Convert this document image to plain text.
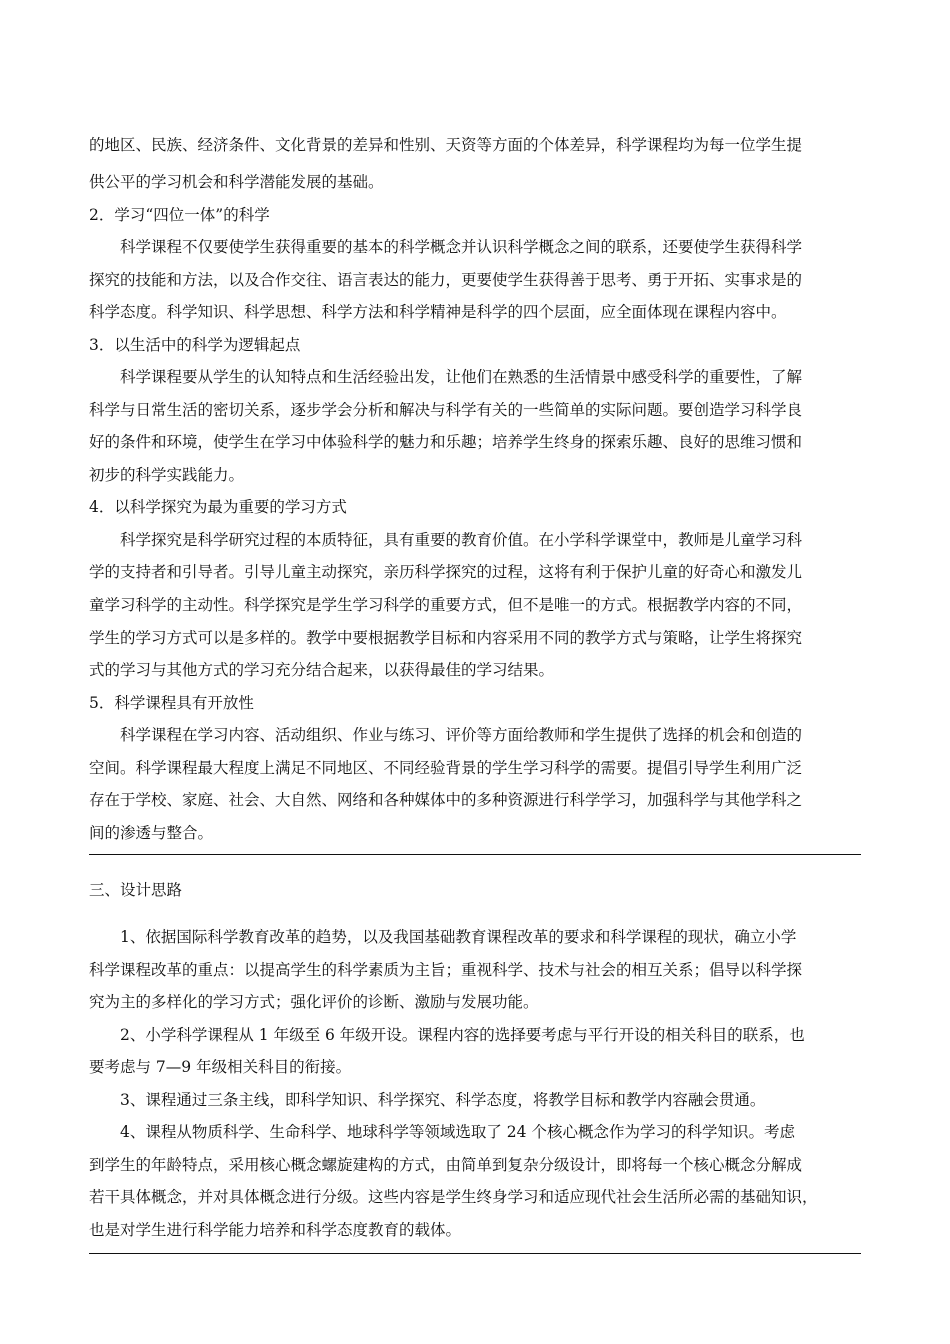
的地区、民族、经济条件、文化背景的差异和性别、天资等方面的个体差异，科学课程均为每一位学生提
供公平的学习机会和科学潜能发展的基础。
2．学习“四位一体”的科学
　　科学课程不仅要使学生获得重要的基本的科学概念并认识科学概念之间的联系，还要使学生获得科学
探究的技能和方法，以及合作交往、语言表达的能力，更要使学生获得善于思考、勇于开拓、实事求是的
科学态度。科学知识、科学思想、科学方法和科学精神是科学的四个层面，应全面体现在课程内容中。
3．以生活中的科学为逻辑起点
　　科学课程要从学生的认知特点和生活经验出发，让他们在熟悉的生活情景中感受科学的重要性，了解
科学与日常生活的密切关系，逐步学会分析和解决与科学有关的一些简单的实际问题。要创造学习科学良
好的条件和环境，使学生在学习中体验科学的魅力和乐趣；培养学生终身的探索乐趣、良好的思维习惯和
初步的科学实践能力。
4．以科学探究为最为重要的学习方式
　　科学探究是科学研究过程的本质特征，具有重要的教育价值。在小学科学课堂中，教师是儿童学习科
学的支持者和引导者。引导儿童主动探究，亲历科学探究的过程，这将有利于保护儿童的好奇心和激发儿
童学习科学的主动性。科学探究是学生学习科学的重要方式，但不是唯一的方式。根据教学内容的不同，
学生的学习方式可以是多样的。教学中要根据教学目标和内容采用不同的教学方式与策略，让学生将探究
式的学习与其他方式的学习充分结合起来，以获得最佳的学习结果。
5．科学课程具有开放性
　　科学课程在学习内容、活动组织、作业与练习、评价等方面给教师和学生提供了选择的机会和创造的
空间。科学课程最大程度上满足不同地区、不同经验背景的学生学习科学的需要。提倡引导学生利用广泛
存在于学校、家庭、社会、大自然、网络和各种媒体中的多种资源进行科学学习，加强科学与其他学科之
间的渗透与整合。
三、设计思路
　　1、依据国际科学教育改革的趋势，以及我国基础教育课程改革的要求和科学课程的现状，确立小学
科学课程改革的重点：以提高学生的科学素质为主旨；重视科学、技术与社会的相互关系；倡导以科学探
究为主的多样化的学习方式；强化评价的诊断、激励与发展功能。
　　2、小学科学课程从 1 年级至 6 年级开设。课程内容的选择要考虑与平行开设的相关科目的联系，也
要考虑与 7—9 年级相关科目的衔接。
　　3、课程通过三条主线，即科学知识、科学探究、科学态度，将教学目标和教学内容融会贯通。
　　4、课程从物质科学、生命科学、地球科学等领域选取了 24 个核心概念作为学习的科学知识。考虑
到学生的年龄特点，采用核心概念螺旋建构的方式，由简单到复杂分级设计，即将每一个核心概念分解成
若干具体概念，并对具体概念进行分级。这些内容是学生终身学习和适应现代社会生活所必需的基础知识，
也是对学生进行科学能力培养和科学态度教育的载体。
